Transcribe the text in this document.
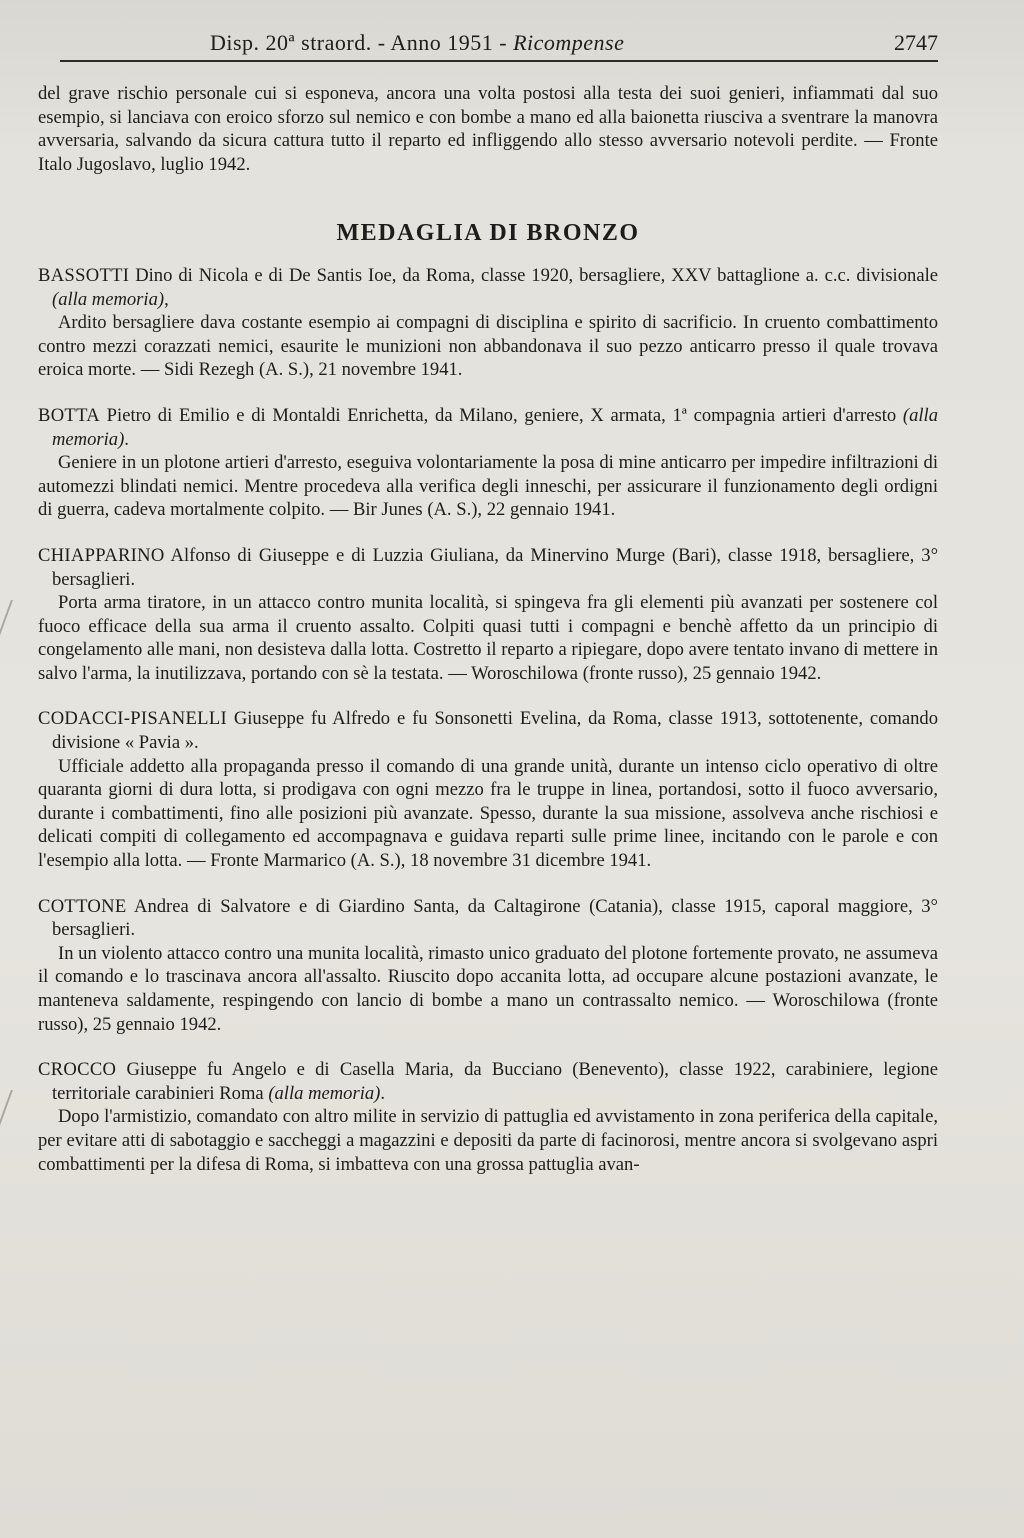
Disp. 20ª straord. - Anno 1951 - Ricompense	2747

del grave rischio personale cui si esponeva, ancora una volta postosi alla testa dei suoi genieri, infiammati dal suo esempio, si lanciava con eroico sforzo sul nemico e con bombe a mano ed alla baionetta riusciva a sventrare la manovra avversaria, salvando da sicura cattura tutto il reparto ed infliggendo allo stesso avversario notevoli perdite. — Fronte Italo Jugoslavo, luglio 1942.

MEDAGLIA DI BRONZO

BASSOTTI Dino di Nicola e di De Santis Ioe, da Roma, classe 1920, bersagliere, XXV battaglione a. c.c. divisionale (alla memoria),

Ardito bersagliere dava costante esempio ai compagni di disciplina e spirito di sacrificio. In cruento combattimento contro mezzi corazzati nemici, esaurite le munizioni non abbandonava il suo pezzo anticarro presso il quale trovava eroica morte. — Sidi Rezegh (A. S.), 21 novembre 1941.

BOTTA Pietro di Emilio e di Montaldi Enrichetta, da Milano, geniere, X armata, 1ª compagnia artieri d'arresto (alla memoria).

Geniere in un plotone artieri d'arresto, eseguiva volontariamente la posa di mine anticarro per impedire infiltrazioni di automezzi blindati nemici. Mentre procedeva alla verifica degli inneschi, per assicurare il funzionamento degli ordigni di guerra, cadeva mortalmente colpito. — Bir Junes (A. S.), 22 gennaio 1941.

CHIAPPARINO Alfonso di Giuseppe e di Luzzia Giuliana, da Minervino Murge (Bari), classe 1918, bersagliere, 3° bersaglieri.

Porta arma tiratore, in un attacco contro munita località, si spingeva fra gli elementi più avanzati per sostenere col fuoco efficace della sua arma il cruento assalto. Colpiti quasi tutti i compagni e benchè affetto da un principio di congelamento alle mani, non desisteva dalla lotta. Costretto il reparto a ripiegare, dopo avere tentato invano di mettere in salvo l'arma, la inutilizzava, portando con sè la testata. — Woroschilowa (fronte russo), 25 gennaio 1942.

CODACCI-PISANELLI Giuseppe fu Alfredo e fu Sonsonetti Evelina, da Roma, classe 1913, sottotenente, comando divisione « Pavia ».

Ufficiale addetto alla propaganda presso il comando di una grande unità, durante un intenso ciclo operativo di oltre quaranta giorni di dura lotta, si prodigava con ogni mezzo fra le truppe in linea, portandosi, sotto il fuoco avversario, durante i combattimenti, fino alle posizioni più avanzate. Spesso, durante la sua missione, assolveva anche rischiosi e delicati compiti di collegamento ed accompagnava e guidava reparti sulle prime linee, incitando con le parole e con l'esempio alla lotta. — Fronte Marmarico (A. S.), 18 novembre 31 dicembre 1941.

COTTONE Andrea di Salvatore e di Giardino Santa, da Caltagirone (Catania), classe 1915, caporal maggiore, 3° bersaglieri.

In un violento attacco contro una munita località, rimasto unico graduato del plotone fortemente provato, ne assumeva il comando e lo trascinava ancora all'assalto. Riuscito dopo accanita lotta, ad occupare alcune postazioni avanzate, le manteneva saldamente, respingendo con lancio di bombe a mano un contrassalto nemico. — Woroschilowa (fronte russo), 25 gennaio 1942.

CROCCO Giuseppe fu Angelo e di Casella Maria, da Bucciano (Benevento), classe 1922, carabiniere, legione territoriale carabinieri Roma (alla memoria).

Dopo l'armistizio, comandato con altro milite in servizio di pattuglia ed avvistamento in zona periferica della capitale, per evitare atti di sabotaggio e saccheggi a magazzini e depositi da parte di facinorosi, mentre ancora si svolgevano aspri combattimenti per la difesa di Roma, si imbatteva con una grossa pattuglia avan-
